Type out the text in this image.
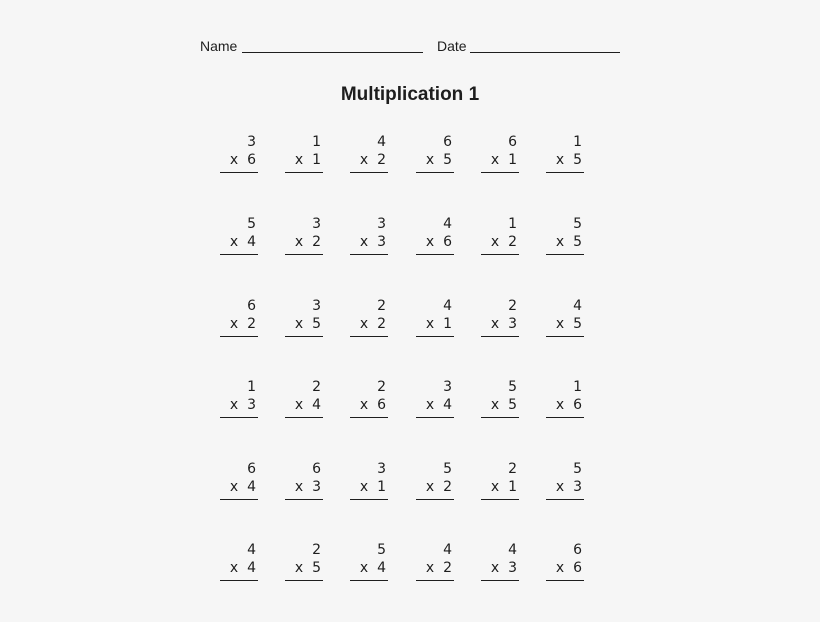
Name	Date
Multiplication 1
3
x  6
1
x  1
4
x  2
6
x  5
6
x  1
1
x  5
5
x  4
3
x  2
3
x  3
4
x  6
1
x  2
5
x  5
6
x  2
3
x  5
2
x  2
4
x  1
2
x  3
4
x  5
1
x  3
2
x  4
2
x  6
3
x  4
5
x  5
1
x  6
6
x  4
6
x  3
3
x  1
5
x  2
2
x  1
5
x  3
4
x  4
2
x  5
5
x  4
4
x  2
4
x  3
6
x  6
